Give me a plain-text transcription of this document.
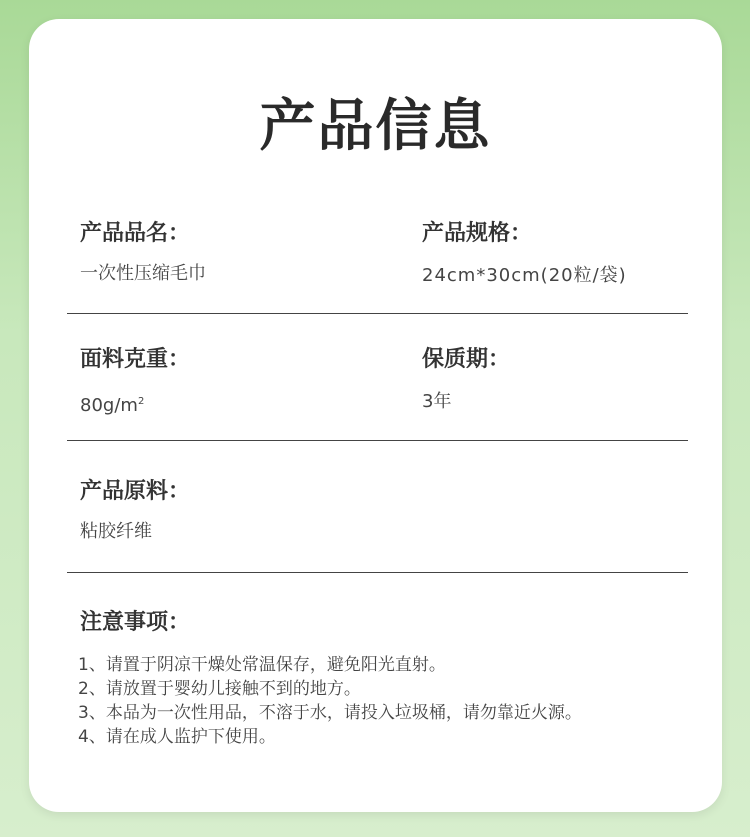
产品信息
产品品名：
一次性压缩毛巾
产品规格：
24cm*30cm(20粒/袋)
面料克重：
$80g/m^2$
保质期：
3年
产品原料：
粘胶纤维
注意事项：
1、请置于阴凉干燥处常温保存，避免阳光直射。
2、请放置于婴幼儿接触不到的地方。
3、本品为一次性用品，不溶于水，请投入垃圾桶，请勿靠近火源。
4、请在成人监护下使用。
